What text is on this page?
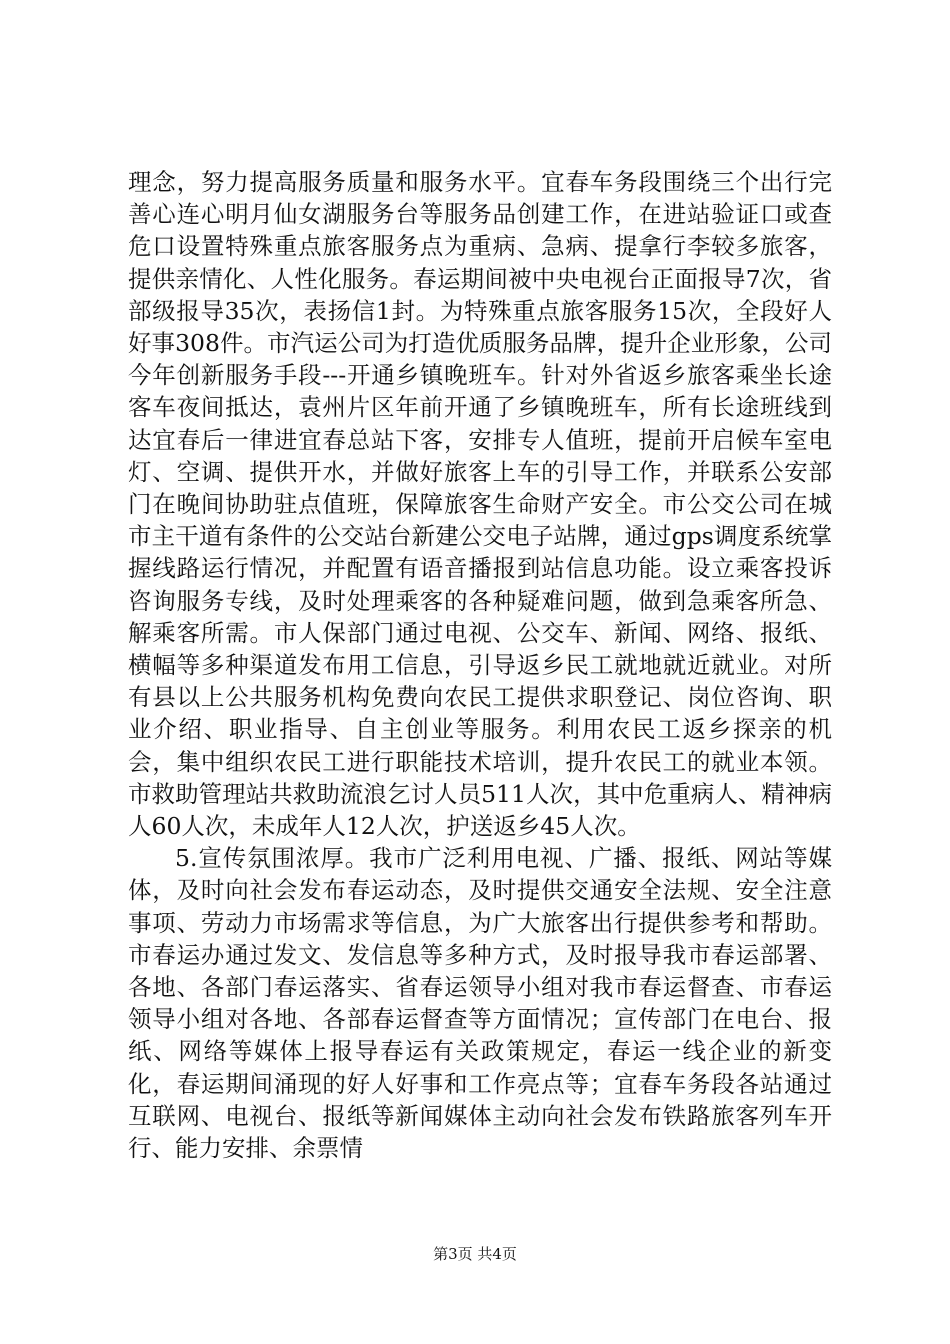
理念，努力提高服务质量和服务水平。宜春车务段围绕三个出行完善心连心明月仙女湖服务台等服务品创建工作，在进站验证口或查危口设置特殊重点旅客服务点为重病、急病、提拿行李较多旅客，提供亲情化、人性化服务。春运期间被中央电视台正面报导7次，省部级报导35次，表扬信1封。为特殊重点旅客服务15次，全段好人好事308件。市汽运公司为打造优质服务品牌，提升企业形象，公司今年创新服务手段---开通乡镇晚班车。针对外省返乡旅客乘坐长途客车夜间抵达，袁州片区年前开通了乡镇晚班车，所有长途班线到达宜春后一律进宜春总站下客，安排专人值班，提前开启候车室电灯、空调、提供开水，并做好旅客上车的引导工作，并联系公安部门在晚间协助驻点值班，保障旅客生命财产安全。市公交公司在城市主干道有条件的公交站台新建公交电子站牌，通过gps调度系统掌握线路运行情况，并配置有语音播报到站信息功能。设立乘客投诉咨询服务专线，及时处理乘客的各种疑难问题，做到急乘客所急、解乘客所需。市人保部门通过电视、公交车、新闻、网络、报纸、横幅等多种渠道发布用工信息，引导返乡民工就地就近就业。对所有县以上公共服务机构免费向农民工提供求职登记、岗位咨询、职业介绍、职业指导、自主创业等服务。利用农民工返乡探亲的机会，集中组织农民工进行职能技术培训，提升农民工的就业本领。市救助管理站共救助流浪乞讨人员511人次，其中危重病人、精神病人60人次，未成年人12人次，护送返乡45人次。

5.宣传氛围浓厚。我市广泛利用电视、广播、报纸、网站等媒体，及时向社会发布春运动态，及时提供交通安全法规、安全注意事项、劳动力市场需求等信息，为广大旅客出行提供参考和帮助。市春运办通过发文、发信息等多种方式，及时报导我市春运部署、各地、各部门春运落实、省春运领导小组对我市春运督查、市春运领导小组对各地、各部春运督查等方面情况；宣传部门在电台、报纸、网络等媒体上报导春运有关政策规定，春运一线企业的新变化，春运期间涌现的好人好事和工作亮点等；宜春车务段各站通过互联网、电视台、报纸等新闻媒体主动向社会发布铁路旅客列车开行、能力安排、余票情

第3页 共4页
